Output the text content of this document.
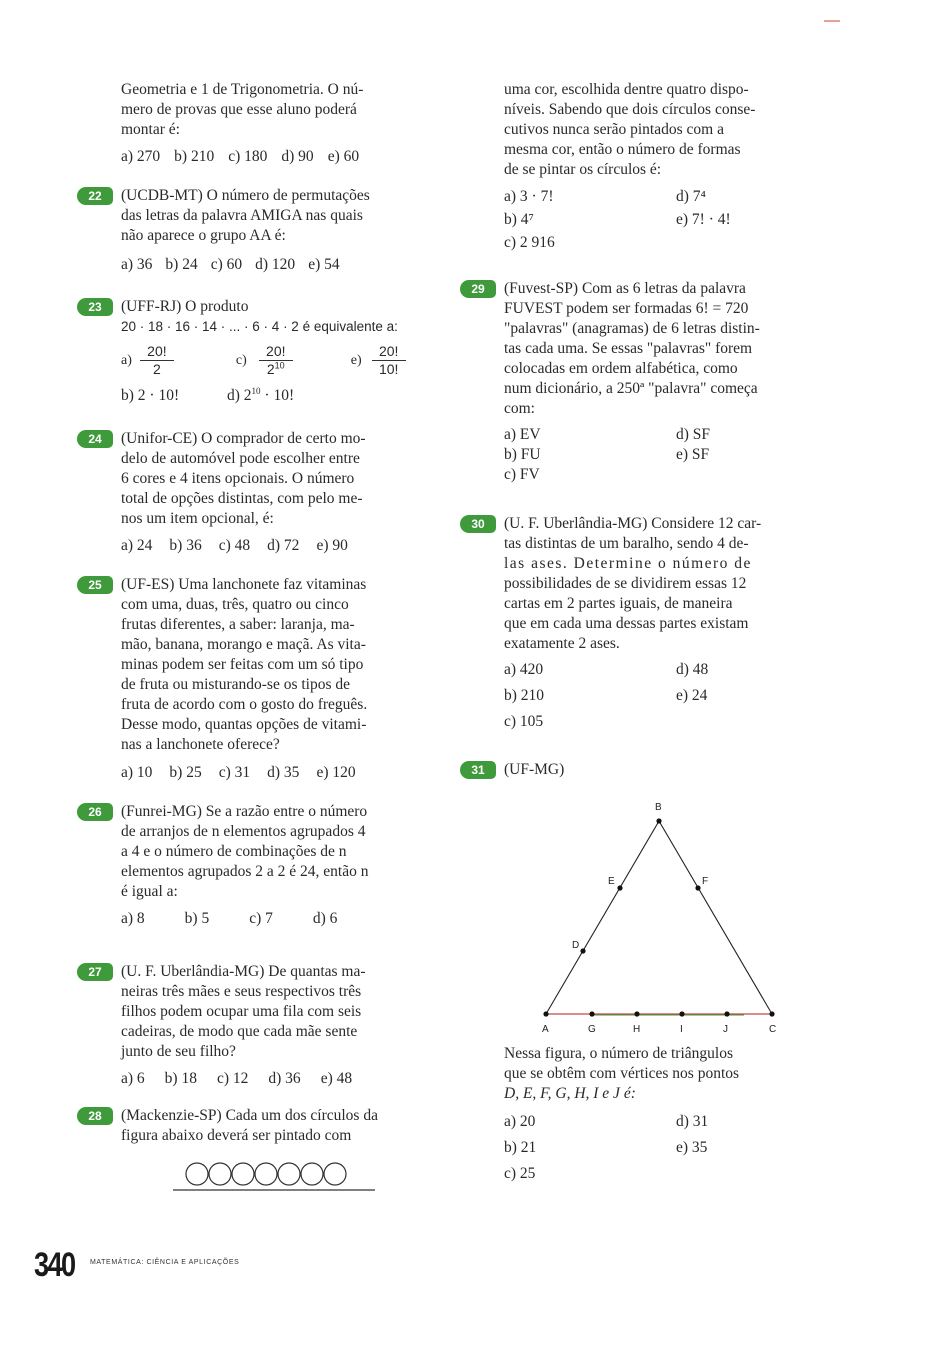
Geometria e 1 de Trigonometria. O nú-

mero de provas que esse aluno poderá

montar é:

a) 270 b) 210 c) 180 d) 90 e) 60
22	(UCDB-MT) O número de permutações

das letras da palavra AMIGA nas quais

não aparece o grupo AA é:

a) 36 b) 24 c) 60 d) 120 e) 54
23	(UFF-RJ) O produto

20 · 18 · 16 · 14 · ... · 6 · 4 · 2 é equivalente a:

$a) \frac{20!}{2}$	$c) \frac{20!}{2^{10}}$	$e) \frac{20!}{10!}$
b) 2 · 10!	d) $2^{10} \cdot 10$!
24	(Unifor-CE) O comprador de certo mo-

delo de automóvel pode escolher entre

6 cores e 4 itens opcionais. O número

total de opções distintas, com pelo me-

nos um item opcional, é:

a) 24 b) 36 c) 48 d) 72 e) 90
25	(UF-ES) Uma lanchonete faz vitaminas

com uma, duas, três, quatro ou cinco

frutas diferentes, a saber: laranja, ma-

mão, banana, morango e maçã. As vita-

minas podem ser feitas com um só tipo

de fruta ou misturando-se os tipos de

fruta de acordo com o gosto do freguês.

Desse modo, quantas opções de vitami-

nas a lanchonete oferece?

a) 10 b) 25 c) 31 d) 35 e) 120
26	(Funrei-MG) Se a razão entre o número

de arranjos de n elementos agrupados 4

a 4 e o número de combinações de n

elementos agrupados 2 a 2 é 24, então n

é igual a:

a) 8	b) 5	c) 7	d) 6
27	(U. F. Uberlândia-MG) De quantas ma-

neiras três mães e seus respectivos três

filhos podem ocupar uma fila com seis

cadeiras, de modo que cada mãe sente

junto de seu filho?

a) 6 b) 18 c) 12 d) 36 e) 48
28	(Mackenzie-SP) Cada um dos círculos da

figura abaixo deverá ser pintado com

uma cor, escolhida dentre quatro dispo-

níveis. Sabendo que dois círculos conse-

cutivos nunca serão pintados com a

mesma cor, então o número de formas

de se pintar os círculos é:

a) 3 · 7!	d) 7⁴
b) 4⁷	e) 7! · 4!
c) 2 916
29	(Fuvest-SP) Com as 6 letras da palavra

FUVEST podem ser formadas 6! = 720

"palavras" (anagramas) de 6 letras distin-

tas cada uma. Se essas "palavras" forem

colocadas em ordem alfabética, como

num dicionário, a 250ª "palavra" começa

com:

a) EV	d) SF
b) FU	e) SF
c) FV
30	(U. F. Uberlândia-MG) Considere 12 car-

tas distintas de um baralho, sendo 4 de-

las ases. Determine o número de

possibilidades de se dividirem essas 12

cartas em 2 partes iguais, de maneira

que em cada uma dessas partes existam

exatamente 2 ases.

a) 420	d) 48
b) 210	e) 24
c) 105
31	(UF-MG)

B
E	F
D
A	G	H	I	J	C

Nessa figura, o número de triângulos

que se obtêm com vértices nos pontos

D, E, F, G, H, I e J é:

a) 20	d) 31
b) 21	e) 35
c) 25
340 MATEMÁTICA: CIÊNCIA E APLICAÇÕES
